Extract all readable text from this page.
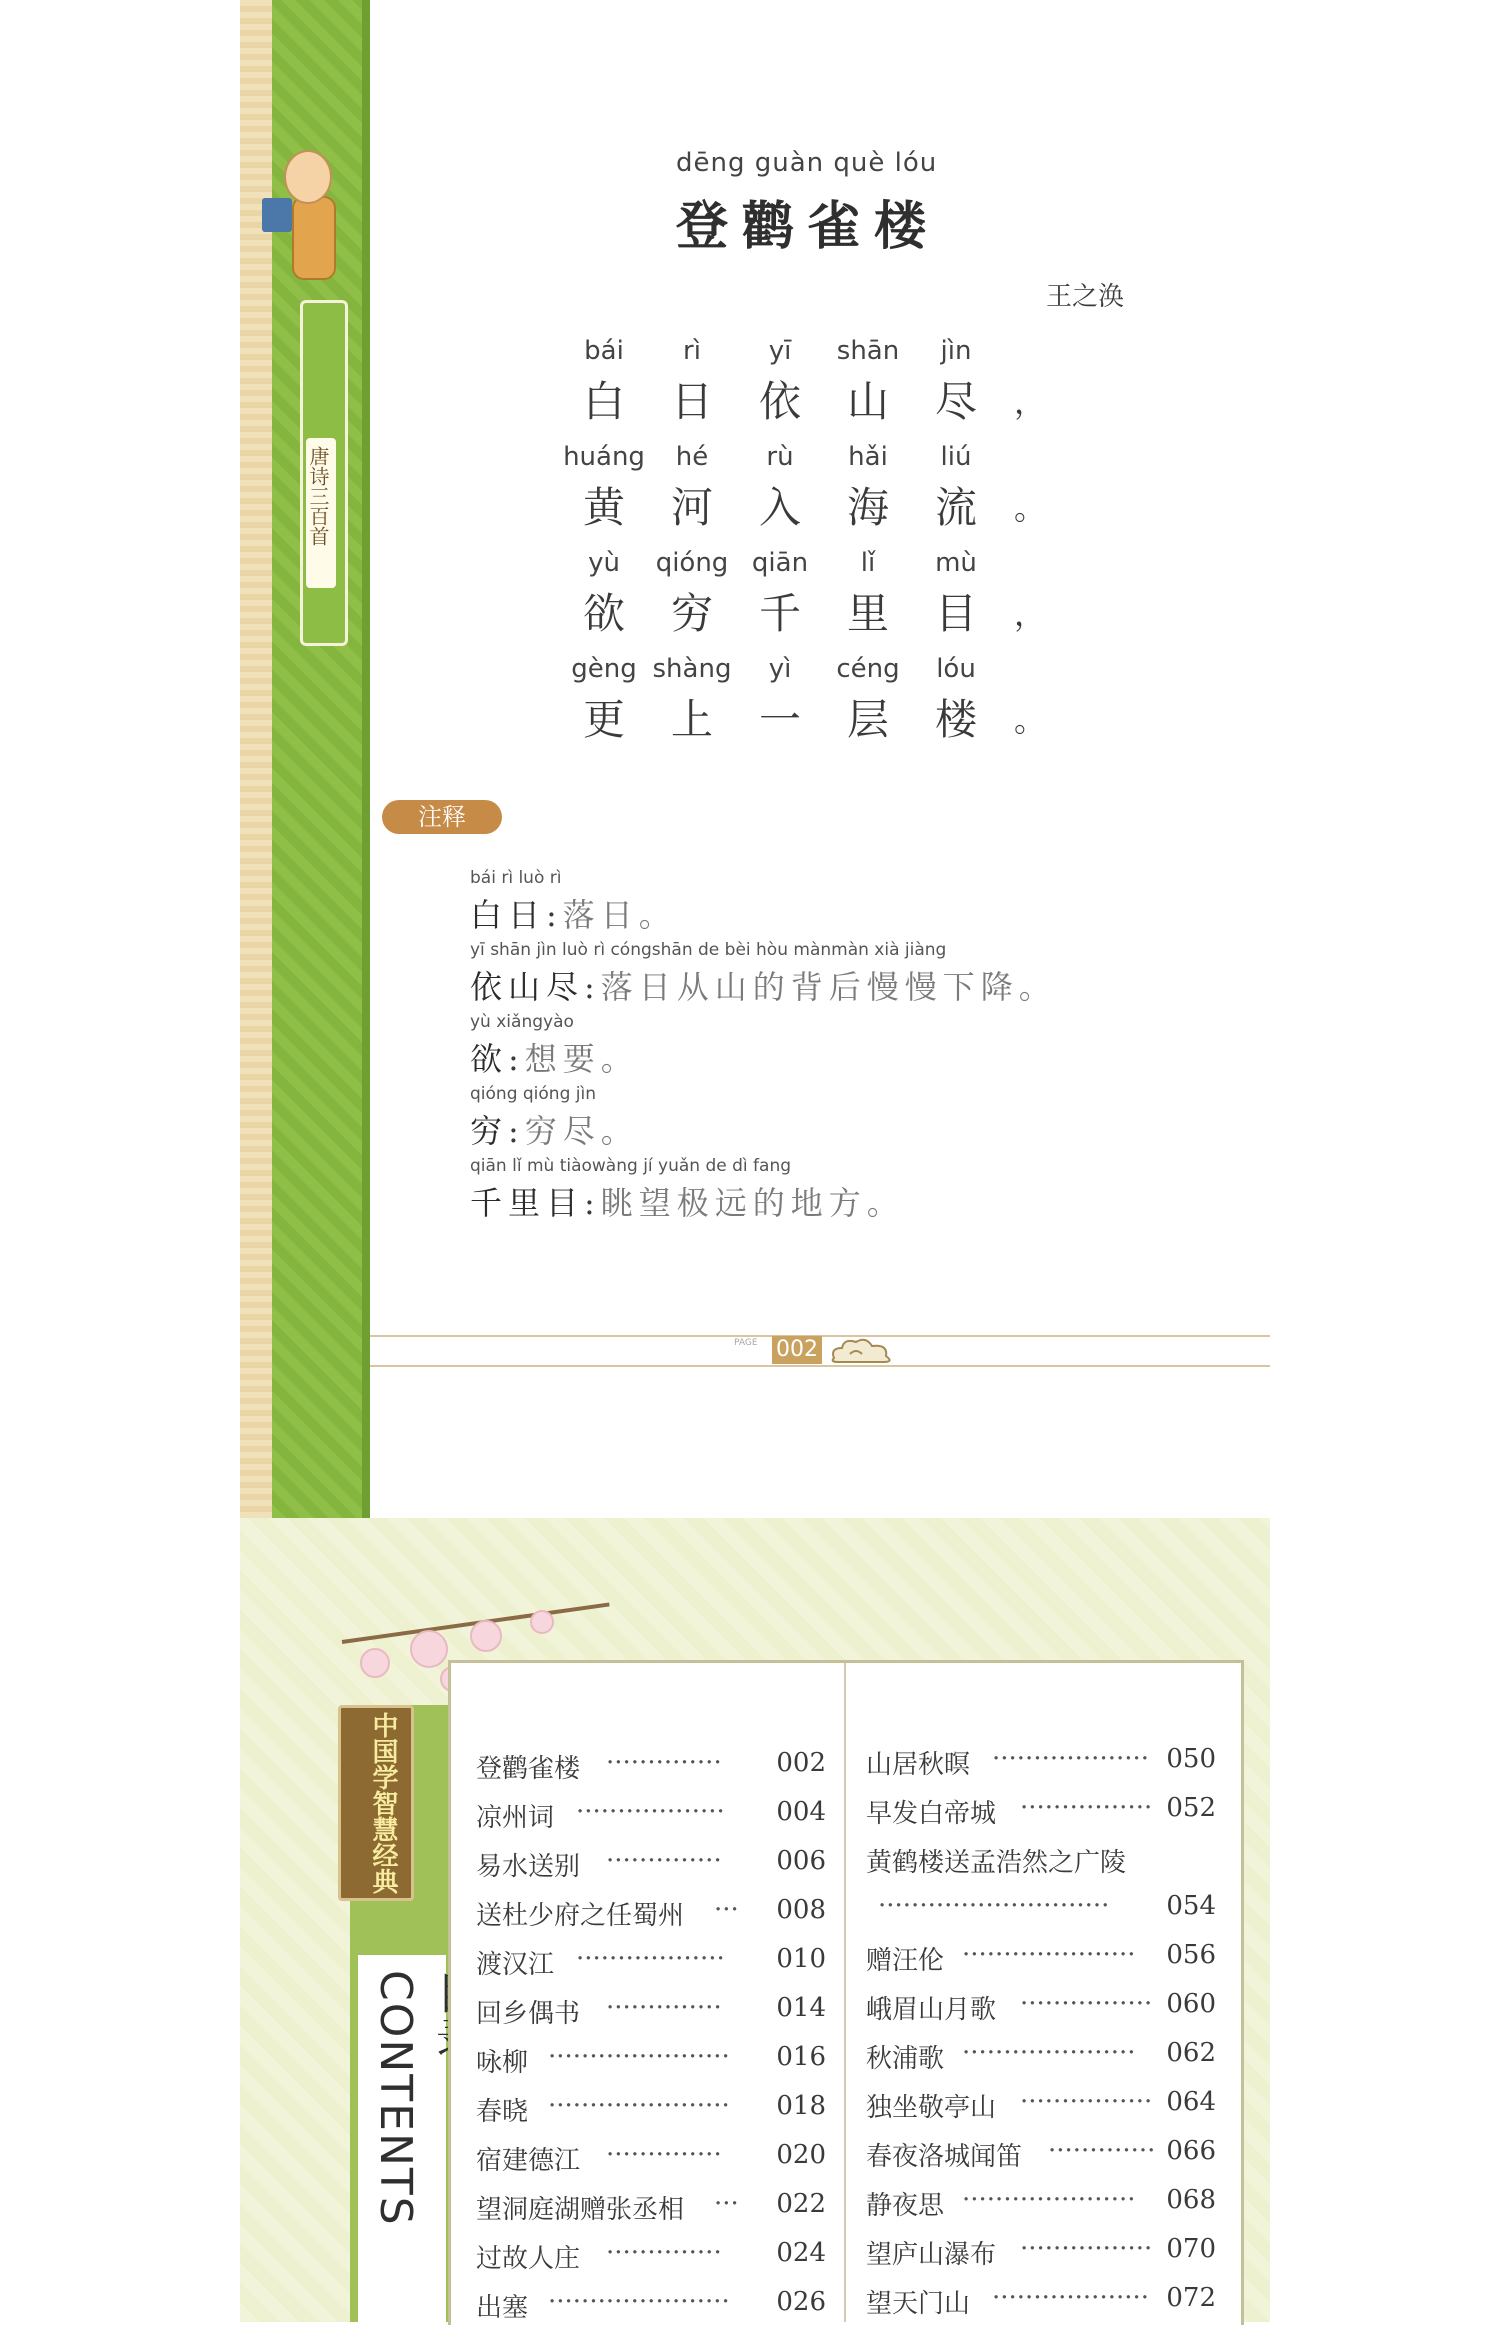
唐诗三百首
dēng guàn què lóu
登鹳雀楼
王之涣
bái	rì	yī	shān	jìn
白	日	依	山	尽	，
huáng	hé	rù	hǎi	liú
黄	河	入	海	流	。
yù	qióng qiān	lǐ	mù
欲	穷	千	里	目	，
gèng shàng	yì	céng	lóu
更	上	一	层	楼	。
注释
bái rì luò rì
白日:落日。
yī shān jìn luò rì cóngshān de bèi hòu mànmàn xià jiàng
依山尽:落日从山的背后慢慢下降。
yù xiǎngyào
欲:想要。
qióng qióng jìn
穷:穷尽。
qiān lǐ mù tiàowàng jí yuǎn de dì fang
千里目:眺望极远的地方。
PAGE 002
CONTENTS
中国学智慧经典	登鹳雀楼 ·············· 002
凉州词 ·················· 004
易水送别 ·············· 006
送杜少府之任蜀州 ··· 008
渡汉江 ·················· 010
回乡偶书 ·············· 014
咏柳 ······················ 016
春晓 ······················ 018
宿建德江 ·············· 020
望洞庭湖赠张丞相 ··· 022
过故人庄 ·············· 024
出塞 ······················ 026
山居秋暝 ··················· 050
早发白帝城 ················ 052
黄鹤楼送孟浩然之广陵
···························· 054
赠汪伦 ····················· 056
峨眉山月歌 ················ 060
秋浦歌 ····················· 062
独坐敬亭山 ················ 064
春夜洛城闻笛 ············· 066
静夜思 ····················· 068
望庐山瀑布 ················ 070
望天门山 ··················· 072
